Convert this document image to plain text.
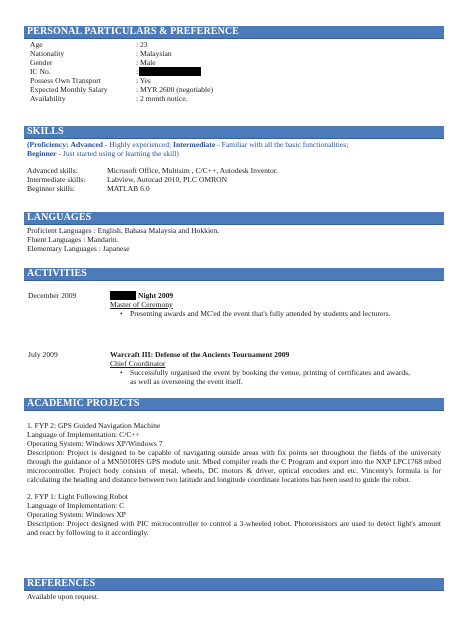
PERSONAL PARTICULARS & PREFERENCE
Age	: 23
Nationality	: Malaysian
Gender	: Male
IC No.	:
Possess Own Transport	: Yes
Expected Monthly Salary	: MYR 2600 (negotiable)
Availability	: 2 month notice.
SKILLS
(Proficiency: Advanced - Highly experienced; Intermediate - Familiar with all the basic functionalities;
Beginner - Just started using or learning the skill)
Advanced skills:	Microsoft Office, Multisim , C/C++, Autodesk Inventor.
Intermediate skills:	Labview, Autocad 2010, PLC OMRON
Beginner skills:	MATLAB 6.0
LANGUAGES
Proficient Languages : English, Bahasa Malaysia and Hokkien.
Fluent Languages : Mandarin.
Elementary Languages : Japanese
ACTIVITIES
December 2009	Night 2009
Master of Ceremony
• Presenting awards and MC'ed the event that's fully attended by students and lecturers.
July 2009	Warcraft III: Defense of the Ancients Tournament 2009
Chief Coordinator
• Successfully organised the event by booking the venue, printing of certificates and awards, as well as overseeing the event itself.
ACADEMIC PROJECTS
1. FYP 2: GPS Guided Navigation Machine
Language of Implementation: C/C++
Operating System: Windows XP/Windows 7
Description: Project is designed to be capable of navigating outside areas with fix points set throughout the fields of the university through the guidance of a MN5010HS GPS module unit. Mbed compiler reads the C Program and export into the NXP LPC1768 mbed microcontroller. Project body consists of metal, wheels, DC motors & driver, optical encoders and etc. Vincenty's formula is for calculating the heading and distance between two latitude and longitude coordinate locations has been used to guide the robot.
2. FYP 1: Light Following Robot
Language of Implementation: C
Operating System: Windows XP
Description: Project designed with PIC microcontroller to control a 3-wheeled robot. Photoresistors are used to detect light's amount and react by following to it accordingly.
REFERENCES
Available upon request.
